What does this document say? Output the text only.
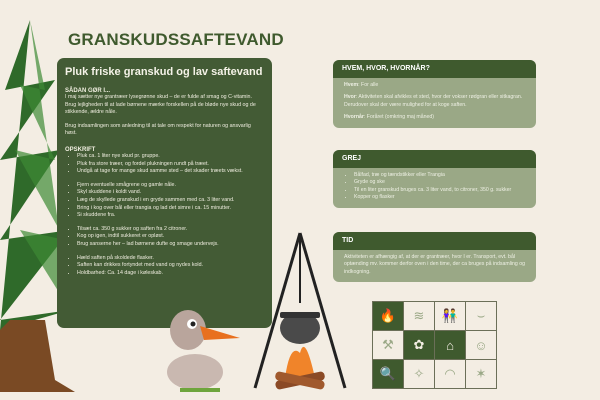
GRANSKUDSSAFTEVAND
Pluk friske granskud og lav saftevand
SÅDAN GØR I...

I maj sætter nye grantræer lysegrønne skud – de er fulde af smag og C-vitamin. Brug lejligheden til at lade børnene mærke forskellen på de bløde nye skud og de stikkende, ældre nåle.

Brug indsamlingen som anledning til at tale om respekt for naturen og ansvarlig høst.

OPSKRIFT
• Pluk ca. 1 liter nye skud pr. gruppe.
• Pluk fra store træer, og fordel plukningen rundt på træet.
• Undgå at tage for mange skud samme sted – det skader træets vækst.
• Fjern eventuelle smågrene og gamle nåle.
• Skyl skuddene i koldt vand.
• Læg de skyllede granskud i en gryde sammen med ca. 3 liter vand.
• Bring i kog over bål eller trangia og lad det simre i ca. 15 minutter.
• Si skuddene fra.
• Tilsæt ca. 350 g sukker og saften fra 2 citroner.
• Kog op igen, indtil sukkeret er opløst.
• Brug sanserne her – lad børnene dufte og smage undervejs.
• Hæld saften på skoldede flasker.
• Saften kan drikkes fortyndet med vand og nydes kold.
• Holdbarhed: Ca. 14 dage i køleskab.
HVEM, HVOR, HVORNÅR?

Hvem: For alle

Hvor: Aktiviteten skal afvikles et sted, hvor der vokser rødgran eller sitkagran. Derudover skal der være mulighed for at koge saften.

Hvornår: Foråret (omkring maj måned)

GREJ
• Bålfad, træ og tændstikker eller Trangia
• Gryde og ske
• Til en liter granskud bruges ca. 3 liter vand, to citroner, 350 g. sukker
• Kopper og flasker
TID

Aktiviteten er afhængig af, at der er grantræer, hvor I er. Transport, evt. bål optænding mv. kommer derfor oven i den time, der ca bruges på indsamling og indkogning.

🔥	≋	👫	⌣
⚒	✿	⌂	☺
🔍	✧	◠	✶
